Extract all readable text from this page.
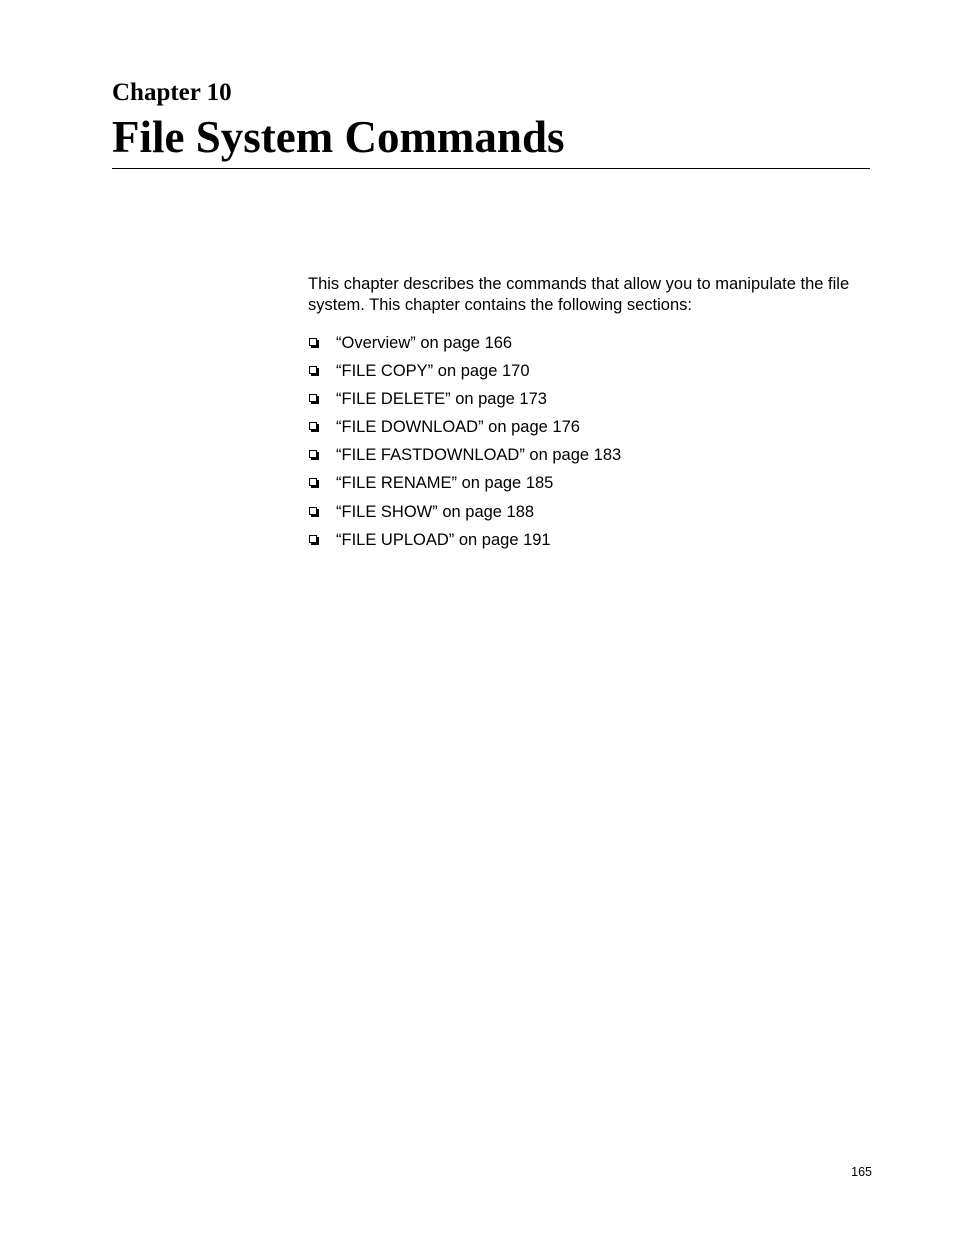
Chapter 10
File System Commands

This chapter describes the commands that allow you to manipulate the file system. This chapter contains the following sections:

“Overview” on page 166
“FILE COPY” on page 170
“FILE DELETE” on page 173
“FILE DOWNLOAD” on page 176
“FILE FASTDOWNLOAD” on page 183
“FILE RENAME” on page 185
“FILE SHOW” on page 188
“FILE UPLOAD” on page 191
165
